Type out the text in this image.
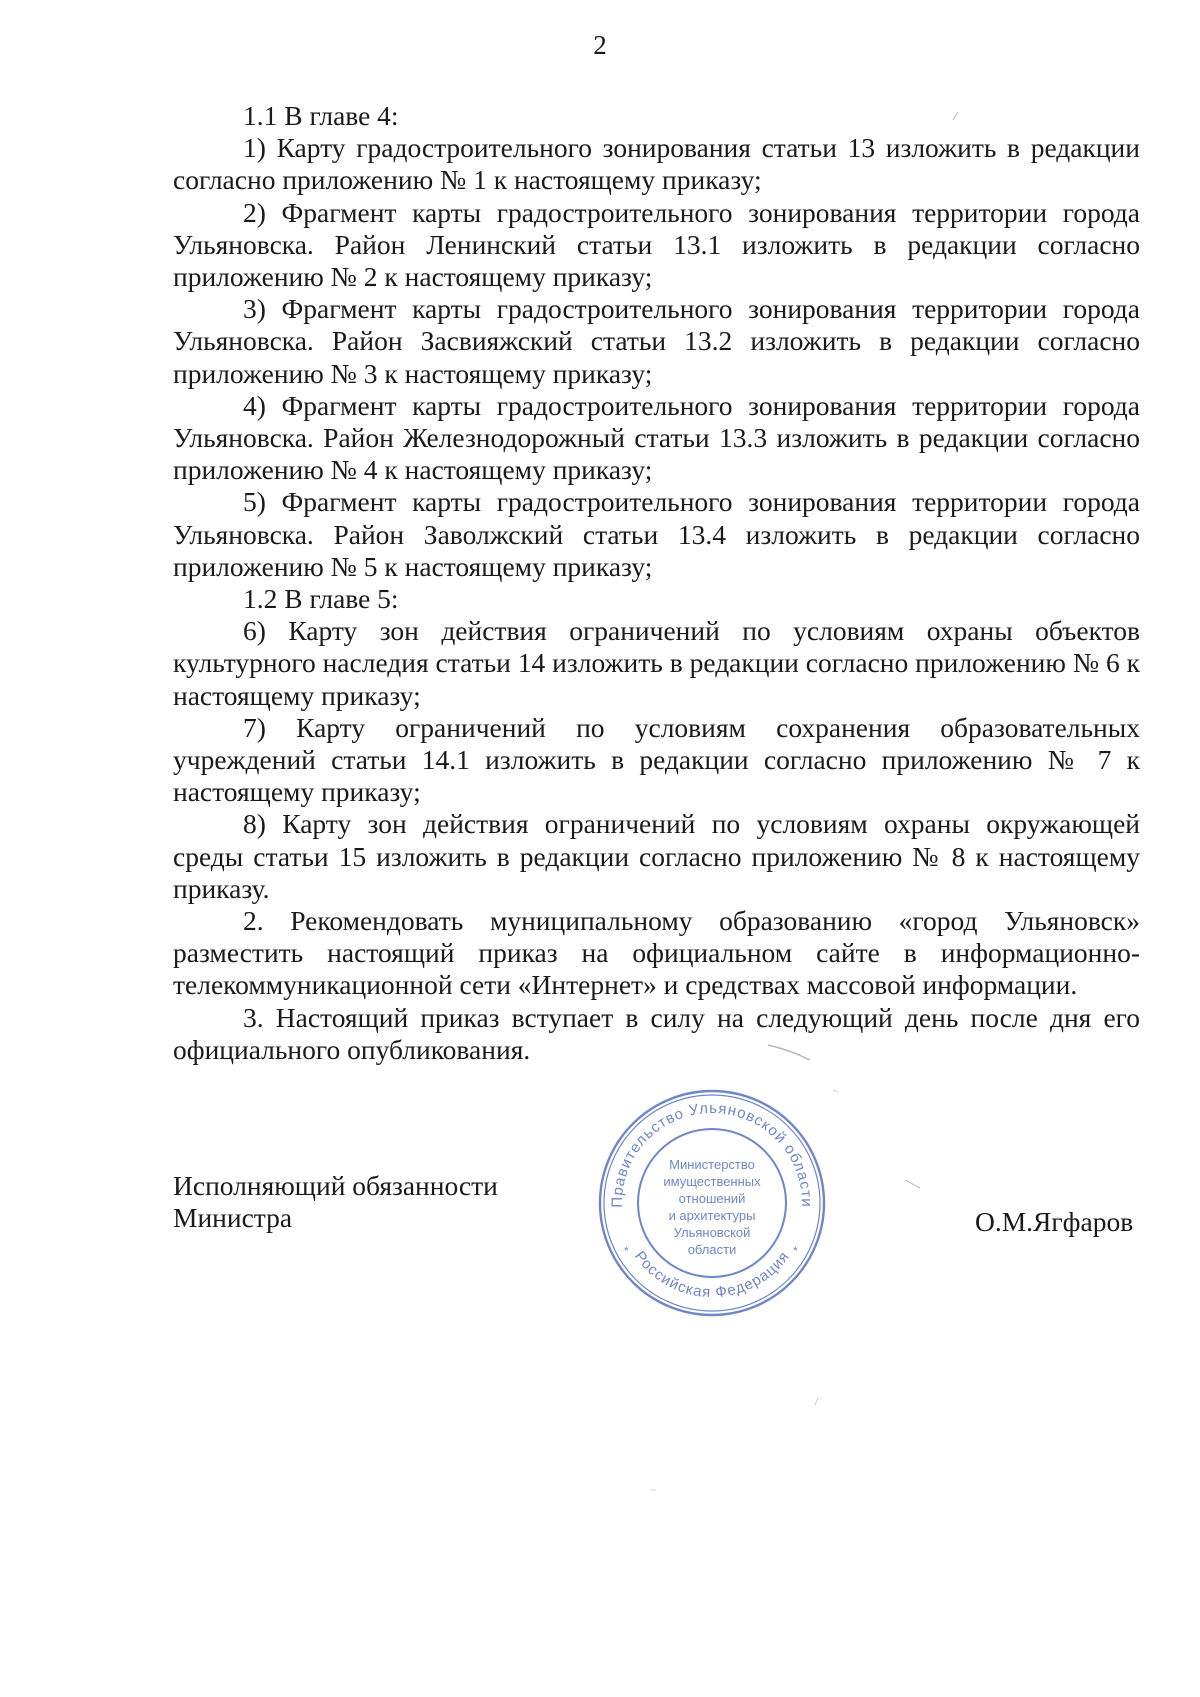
2

1.1 В главе 4:

1) Карту градостроительного зонирования статьи 13 изложить в редакции согласно приложению № 1 к настоящему приказу;

2) Фрагмент карты градостроительного зонирования территории города Ульяновска. Район Ленинский статьи 13.1 изложить в редакции согласно приложению № 2 к настоящему приказу;

3) Фрагмент карты градостроительного зонирования территории города Ульяновска. Район Засвияжский статьи 13.2 изложить в редакции согласно приложению № 3 к настоящему приказу;

4) Фрагмент карты градостроительного зонирования территории города Ульяновска. Район Железнодорожный статьи 13.3 изложить в редакции согласно приложению № 4 к настоящему приказу;

5) Фрагмент карты градостроительного зонирования территории города Ульяновска. Район Заволжский статьи 13.4 изложить в редакции согласно приложению № 5 к настоящему приказу;

1.2 В главе 5:

6) Карту зон действия ограничений по условиям охраны объектов культурного наследия статьи 14 изложить в редакции согласно приложению № 6 к настоящему приказу;

7) Карту ограничений по условиям сохранения образовательных учреждений статьи 14.1 изложить в редакции согласно приложению № 7 к настоящему приказу;

8) Карту зон действия ограничений по условиям охраны окружающей среды статьи 15 изложить в редакции согласно приложению № 8 к настоящему приказу.

2. Рекомендовать муниципальному образованию «город Ульяновск» разместить настоящий приказ на официальном сайте в информационно-телекоммуникационной сети «Интернет» и средствах массовой информации.

3. Настоящий приказ вступает в силу на следующий день после дня его официального опубликования.

Исполняющий обязанности
Министра
Правительство Ульяновской области
Российская Федерация
Министерство
имущественных
отношений
и архитектуры
Ульяновской
области
*	*
О.М.Ягфаров
